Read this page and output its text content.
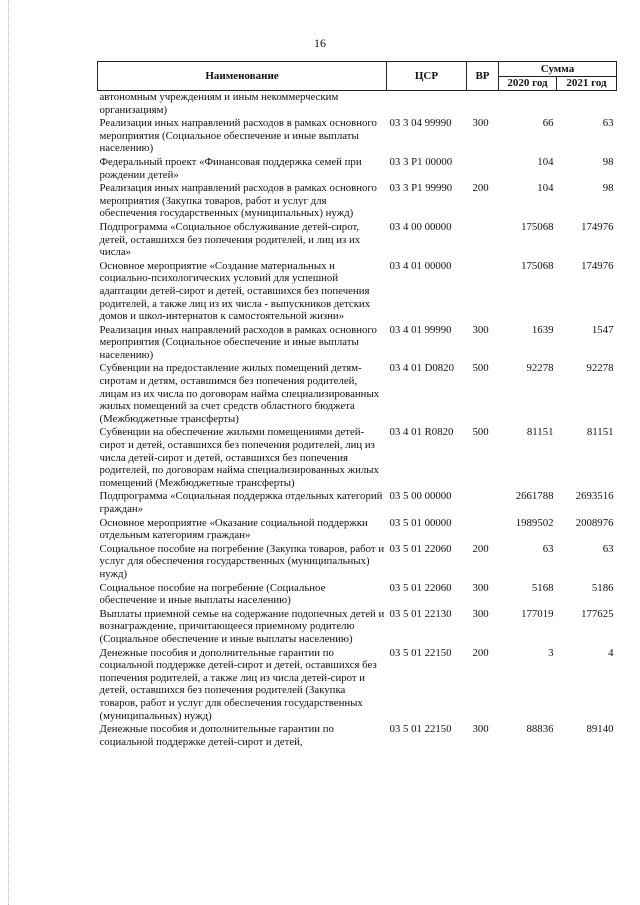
16
Наименование	ЦСР	ВР	Сумма	
			2020 год	2021 год
автономным учреждениям и иным некоммерческим организациям)				
Реализация иных направлений расходов в рамках основного мероприятия (Социальное обеспечение и иные выплаты населению)	03 3 04 99990	300	66	63
Федеральный проект «Финансовая поддержка семей при рождении детей»	03 3 P1 00000		104	98
Реализация иных направлений расходов в рамках основного мероприятия (Закупка товаров, работ и услуг для обеспечения государственных (муниципальных) нужд)	03 3 P1 99990	200	104	98
Подпрограмма «Социальное обслуживание детей-сирот, детей, оставшихся без попечения родителей, и лиц из их числа»	03 4 00 00000		175068	174976
Основное мероприятие «Создание материальных и социально-психологических условий для успешной адаптации детей-сирот и детей, оставшихся без попечения родителей, а также лиц из их числа - выпускников детских домов и школ-интернатов к самостоятельной жизни»	03 4 01 00000		175068	174976
Реализация иных направлений расходов в рамках основного мероприятия (Социальное обеспечение и иные выплаты населению)	03 4 01 99990	300	1639	1547
Субвенции на предоставление жилых помещений детям-сиротам и детям, оставшимся без попечения родителей, лицам из их числа по договорам найма специализированных жилых помещений за счет средств областного бюджета (Межбюджетные трансферты)	03 4 01 D0820	500	92278	92278
Субвенции на обеспечение жилыми помещениями детей-сирот и детей, оставшихся без попечения родителей, лиц из числа детей-сирот и детей, оставшихся без попечения родителей, по договорам найма специализированных жилых помещений (Межбюджетные трансферты)	03 4 01 R0820	500	81151	81151
Подпрограмма «Социальная поддержка отдельных категорий граждан»	03 5 00 00000		2661788	2693516
Основное мероприятие «Оказание социальной поддержки отдельным категориям граждан»	03 5 01 00000		1989502	2008976
Социальное пособие на погребение (Закупка товаров, работ и услуг для обеспечения государственных (муниципальных) нужд)	03 5 01 22060	200	63	63
Социальное пособие на погребение (Социальное обеспечение и иные выплаты населению)	03 5 01 22060	300	5168	5186
Выплаты приемной семье на содержание подопечных детей и вознаграждение, причитающееся приемному родителю (Социальное обеспечение и иные выплаты населению)	03 5 01 22130	300	177019	177625
Денежные пособия и дополнительные гарантии по социальной поддержке детей-сирот и детей, оставшихся без попечения родителей, а также лиц из числа детей-сирот и детей, оставшихся без попечения родителей (Закупка товаров, работ и услуг для обеспечения государственных (муниципальных) нужд)	03 5 01 22150	200	3	4
Денежные пособия и дополнительные гарантии по социальной поддержке детей-сирот и детей,	03 5 01 22150	300	88836	89140
